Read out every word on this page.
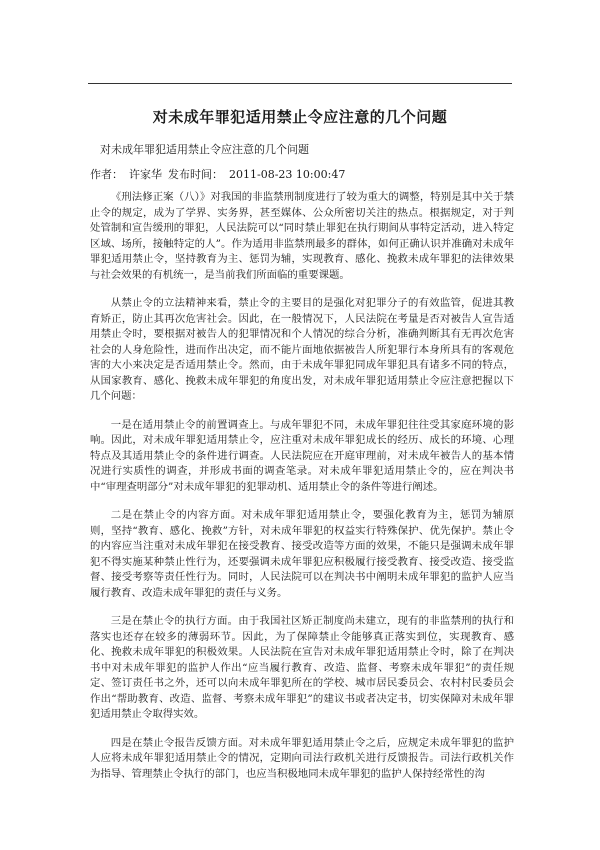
对未成年罪犯适用禁止令应注意的几个问题

对未成年罪犯适用禁止令应注意的几个问题

作者： 许家华 发布时间： 2011-08-23 10:00:47

《刑法修正案（八）》对我国的非监禁刑制度进行了较为重大的调整，特别是其中关于禁止令的规定，成为了学界、实务界，甚至媒体、公众所密切关注的热点。根据规定，对于判处管制和宣告缓刑的罪犯，人民法院可以“同时禁止罪犯在执行期间从事特定活动，进入特定区域、场所，接触特定的人”。作为适用非监禁刑最多的群体，如何正确认识并准确对未成年罪犯适用禁止令，坚持教育为主、惩罚为辅，实现教育、感化、挽救未成年罪犯的法律效果与社会效果的有机统一，是当前我们所面临的重要课题。

从禁止令的立法精神来看，禁止令的主要目的是强化对犯罪分子的有效监管，促进其教育矫正，防止其再次危害社会。因此，在一般情况下，人民法院在考量是否对被告人宣告适用禁止令时，要根据对被告人的犯罪情况和个人情况的综合分析，准确判断其有无再次危害社会的人身危险性，进而作出决定，而不能片面地依据被告人所犯罪行本身所具有的客观危害的大小来决定是否适用禁止令。然而，由于未成年罪犯同成年罪犯具有诸多不同的特点，从国家教育、感化、挽救未成年罪犯的角度出发，对未成年罪犯适用禁止令应注意把握以下几个问题：

一是在适用禁止令的前置调查上。与成年罪犯不同，未成年罪犯往往受其家庭环境的影响。因此，对未成年罪犯适用禁止令，应注重对未成年罪犯成长的经历、成长的环境、心理特点及其适用禁止令的条件进行调查。人民法院应在开庭审理前，对未成年被告人的基本情况进行实质性的调查，并形成书面的调查笔录。对未成年罪犯适用禁止令的，应在判决书中“审理查明部分”对未成年罪犯的犯罪动机、适用禁止令的条件等进行阐述。

二是在禁止令的内容方面。对未成年罪犯适用禁止令，要强化教育为主，惩罚为辅原则，坚持“教育、感化、挽救”方针，对未成年罪犯的权益实行特殊保护、优先保护。禁止令的内容应当注重对未成年罪犯在接受教育、接受改造等方面的效果，不能只是强调未成年罪犯不得实施某种禁止性行为，还要强调未成年罪犯应积极履行接受教育、接受改造、接受监督、接受考察等责任性行为。同时，人民法院可以在判决书中阐明未成年罪犯的监护人应当履行教育、改造未成年罪犯的责任与义务。

三是在禁止令的执行方面。由于我国社区矫正制度尚未建立，现有的非监禁刑的执行和落实也还存在较多的薄弱环节。因此，为了保障禁止令能够真正落实到位，实现教育、感化、挽救未成年罪犯的积极效果。人民法院在宣告对未成年罪犯适用禁止令时，除了在判决书中对未成年罪犯的监护人作出“应当履行教育、改造、监督、考察未成年罪犯”的责任规定、签订责任书之外，还可以向未成年罪犯所在的学校、城市居民委员会、农村村民委员会作出“帮助教育、改造、监督、考察未成年罪犯”的建议书或者决定书，切实保障对未成年罪犯适用禁止令取得实效。

四是在禁止令报告反馈方面。对未成年罪犯适用禁止令之后，应规定未成年罪犯的监护人应将未成年罪犯适用禁止令的情况，定期向司法行政机关进行反馈报告。司法行政机关作为指导、管理禁止令执行的部门，也应当积极地同未成年罪犯的监护人保持经常性的沟
